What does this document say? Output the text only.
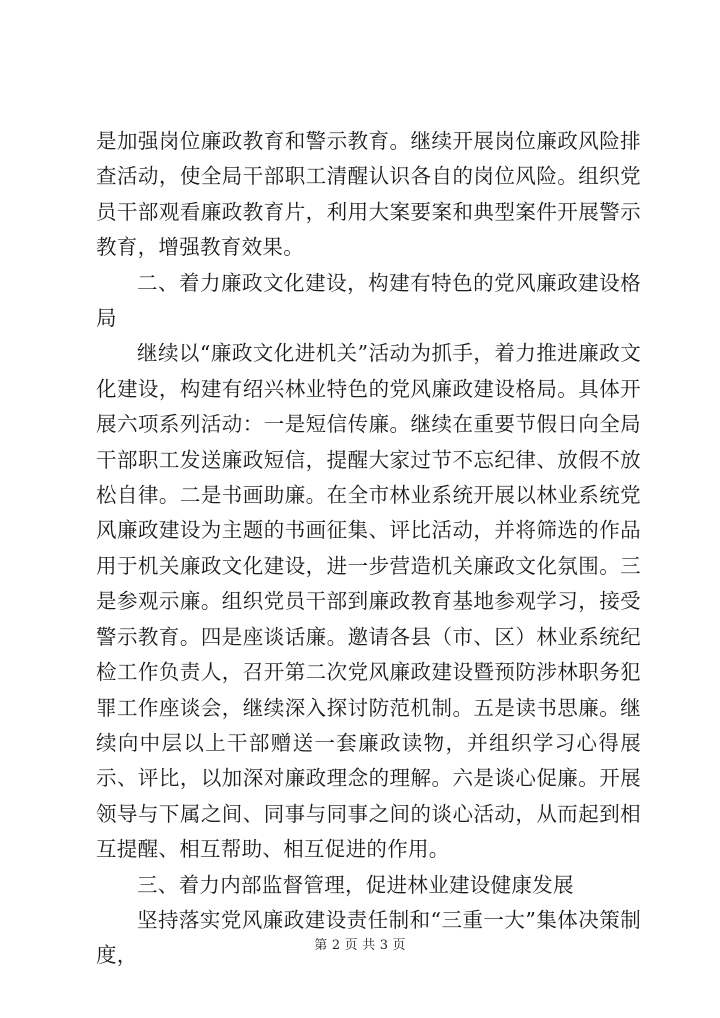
是加强岗位廉政教育和警示教育。继续开展岗位廉政风险排查活动，使全局干部职工清醒认识各自的岗位风险。组织党员干部观看廉政教育片，利用大案要案和典型案件开展警示教育，增强教育效果。

二、着力廉政文化建设，构建有特色的党风廉政建设格局

继续以“廉政文化进机关”活动为抓手，着力推进廉政文化建设，构建有绍兴林业特色的党风廉政建设格局。具体开展六项系列活动：一是短信传廉。继续在重要节假日向全局干部职工发送廉政短信，提醒大家过节不忘纪律、放假不放松自律。二是书画助廉。在全市林业系统开展以林业系统党风廉政建设为主题的书画征集、评比活动，并将筛选的作品用于机关廉政文化建设，进一步营造机关廉政文化氛围。三是参观示廉。组织党员干部到廉政教育基地参观学习，接受警示教育。四是座谈话廉。邀请各县（市、区）林业系统纪检工作负责人，召开第二次党风廉政建设暨预防涉林职务犯罪工作座谈会，继续深入探讨防范机制。五是读书思廉。继续向中层以上干部赠送一套廉政读物，并组织学习心得展示、评比，以加深对廉政理念的理解。六是谈心促廉。开展领导与下属之间、同事与同事之间的谈心活动，从而起到相互提醒、相互帮助、相互促进的作用。

三、着力内部监督管理，促进林业建设健康发展

坚持落实党风廉政建设责任制和“三重一大”集体决策制度，	第 2 页 共 3 页
